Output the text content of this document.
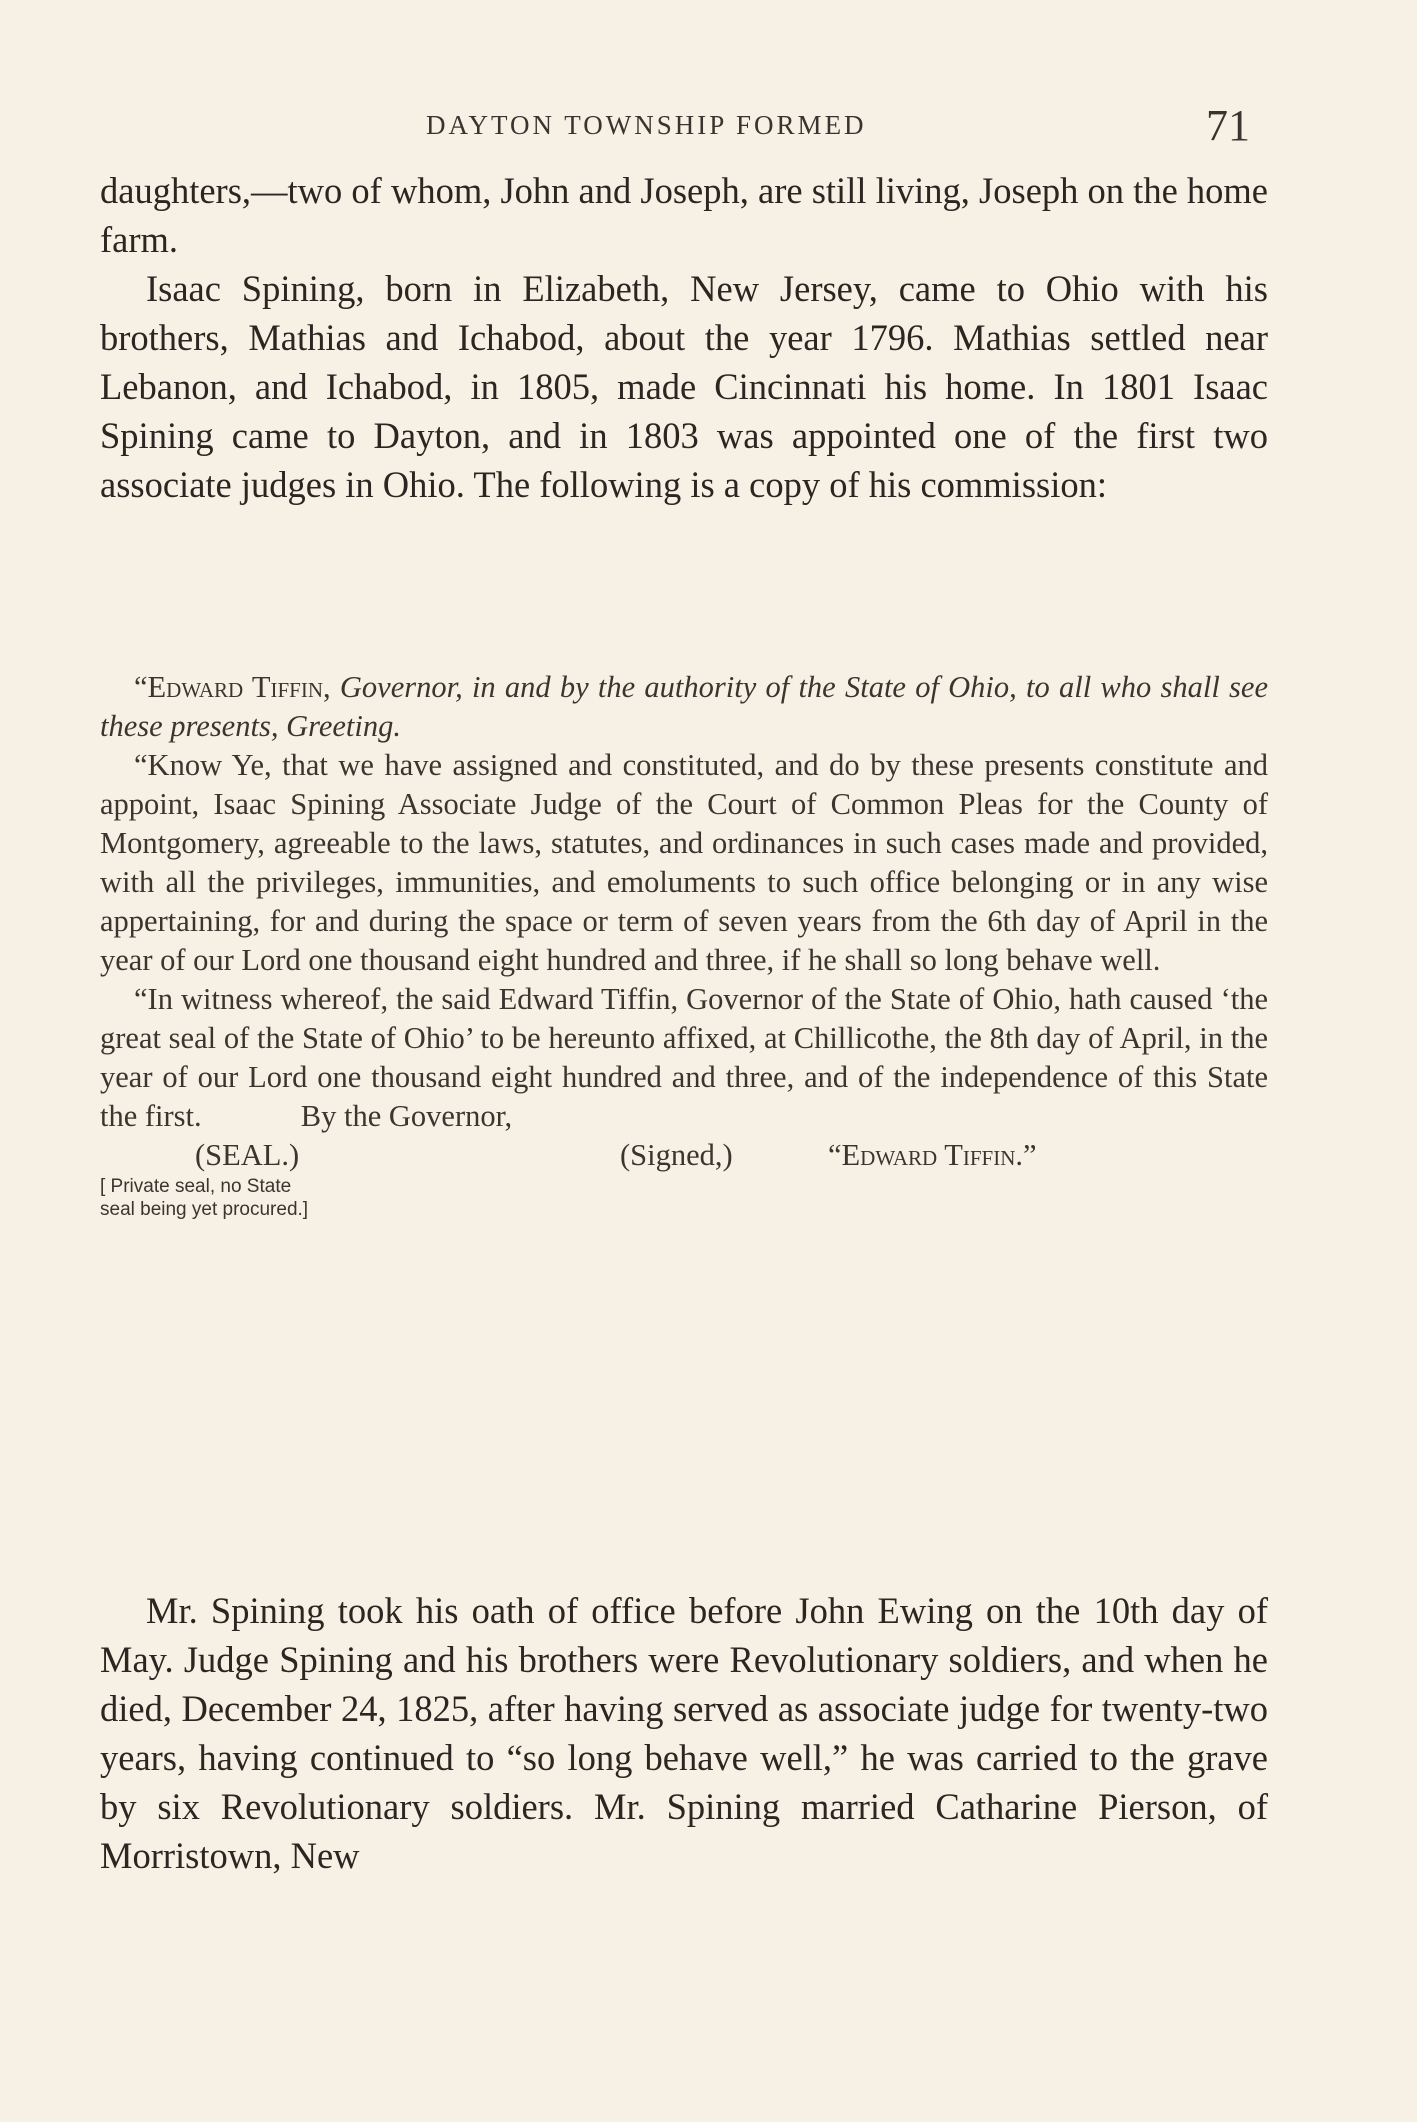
DAYTON TOWNSHIP FORMED	71

daughters,—two of whom, John and Joseph, are still living, Joseph on the home farm.

Isaac Spining, born in Elizabeth, New Jersey, came to Ohio with his brothers, Mathias and Ichabod, about the year 1796. Mathias settled near Lebanon, and Ichabod, in 1805, made Cincinnati his home. In 1801 Isaac Spining came to Dayton, and in 1803 was appointed one of the first two associate judges in Ohio. The following is a copy of his commission:

“Edward Tiffin, Governor, in and by the authority of the State of Ohio, to all who shall see these presents, Greeting.

“Know Ye, that we have assigned and constituted, and do by these presents constitute and appoint, Isaac Spining Associate Judge of the Court of Common Pleas for the County of Montgomery, agreeable to the laws, statutes, and ordinances in such cases made and provided, with all the privileges, immunities, and emoluments to such office belonging or in any wise appertaining, for and during the space or term of seven years from the 6th day of April in the year of our Lord one thousand eight hundred and three, if he shall so long behave well.

“In witness whereof, the said Edward Tiffin, Governor of the State of Ohio, hath caused ‘the great seal of the State of Ohio’ to be hereunto affixed, at Chillicothe, the 8th day of April, in the year of our Lord one thousand eight hundred and three, and of the independence of this State the first.	By the Governor,

(SEAL.)	(Signed,)	“Edward Tiffin.”
[ Private seal, no State
seal being yet procured.]

Mr. Spining took his oath of office before John Ewing on the 10th day of May. Judge Spining and his brothers were Revolutionary soldiers, and when he died, December 24, 1825, after having served as associate judge for twenty-two years, having continued to “so long behave well,” he was carried to the grave by six Revolutionary soldiers. Mr. Spining married Catharine Pierson, of Morristown, New
